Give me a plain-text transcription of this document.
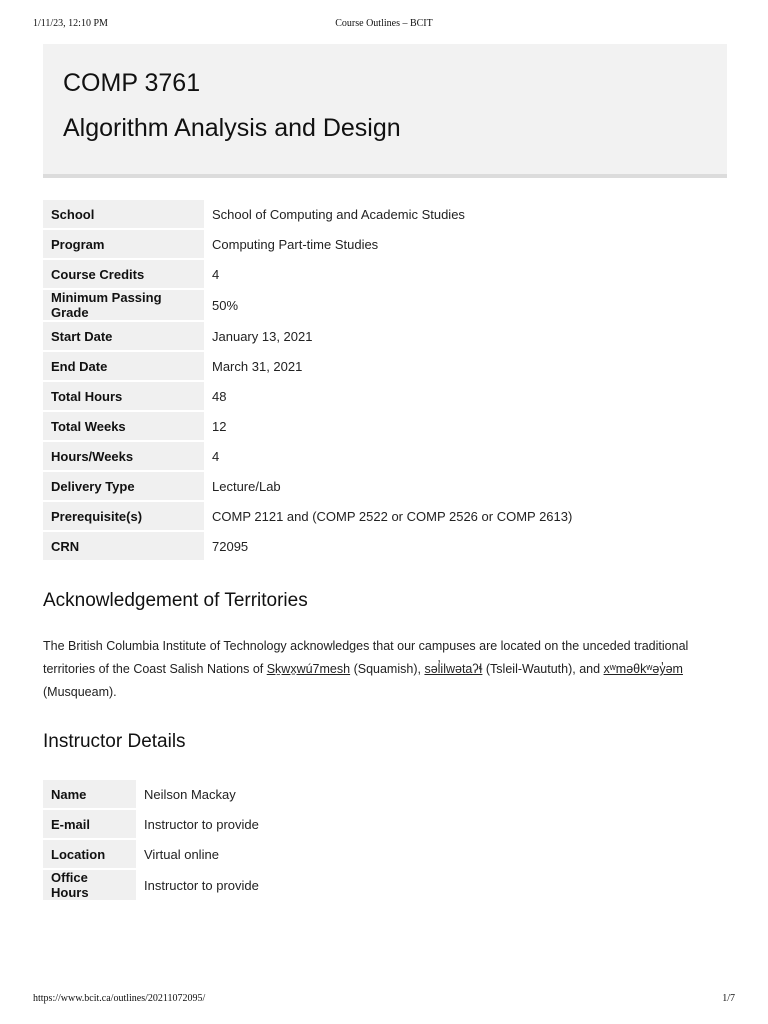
1/11/23, 12:10 PM	Course Outlines – BCIT
COMP 3761
Algorithm Analysis and Design
School	School of Computing and Academic Studies
Program	Computing Part-time Studies
Course Credits	4
Minimum Passing Grade	50%
Start Date	January 13, 2021
End Date	March 31, 2021
Total Hours	48
Total Weeks	12
Hours/Weeks	4
Delivery Type	Lecture/Lab
Prerequisite(s)	COMP 2121 and (COMP 2522 or COMP 2526 or COMP 2613)
CRN	72095
Acknowledgement of Territories

The British Columbia Institute of Technology acknowledges that our campuses are located on the unceded traditional territories of the Coast Salish Nations of Sḵwx̱wú7mesh (Squamish), səl̓ilwətaʔɬ (Tsleil-Waututh), and xʷməθkʷəy̓əm (Musqueam).

Instructor Details
Name	Neilson Mackay
E-mail	Instructor to provide
Location	Virtual online
Office Hours	Instructor to provide
https://www.bcit.ca/outlines/20211072095/	1/7
